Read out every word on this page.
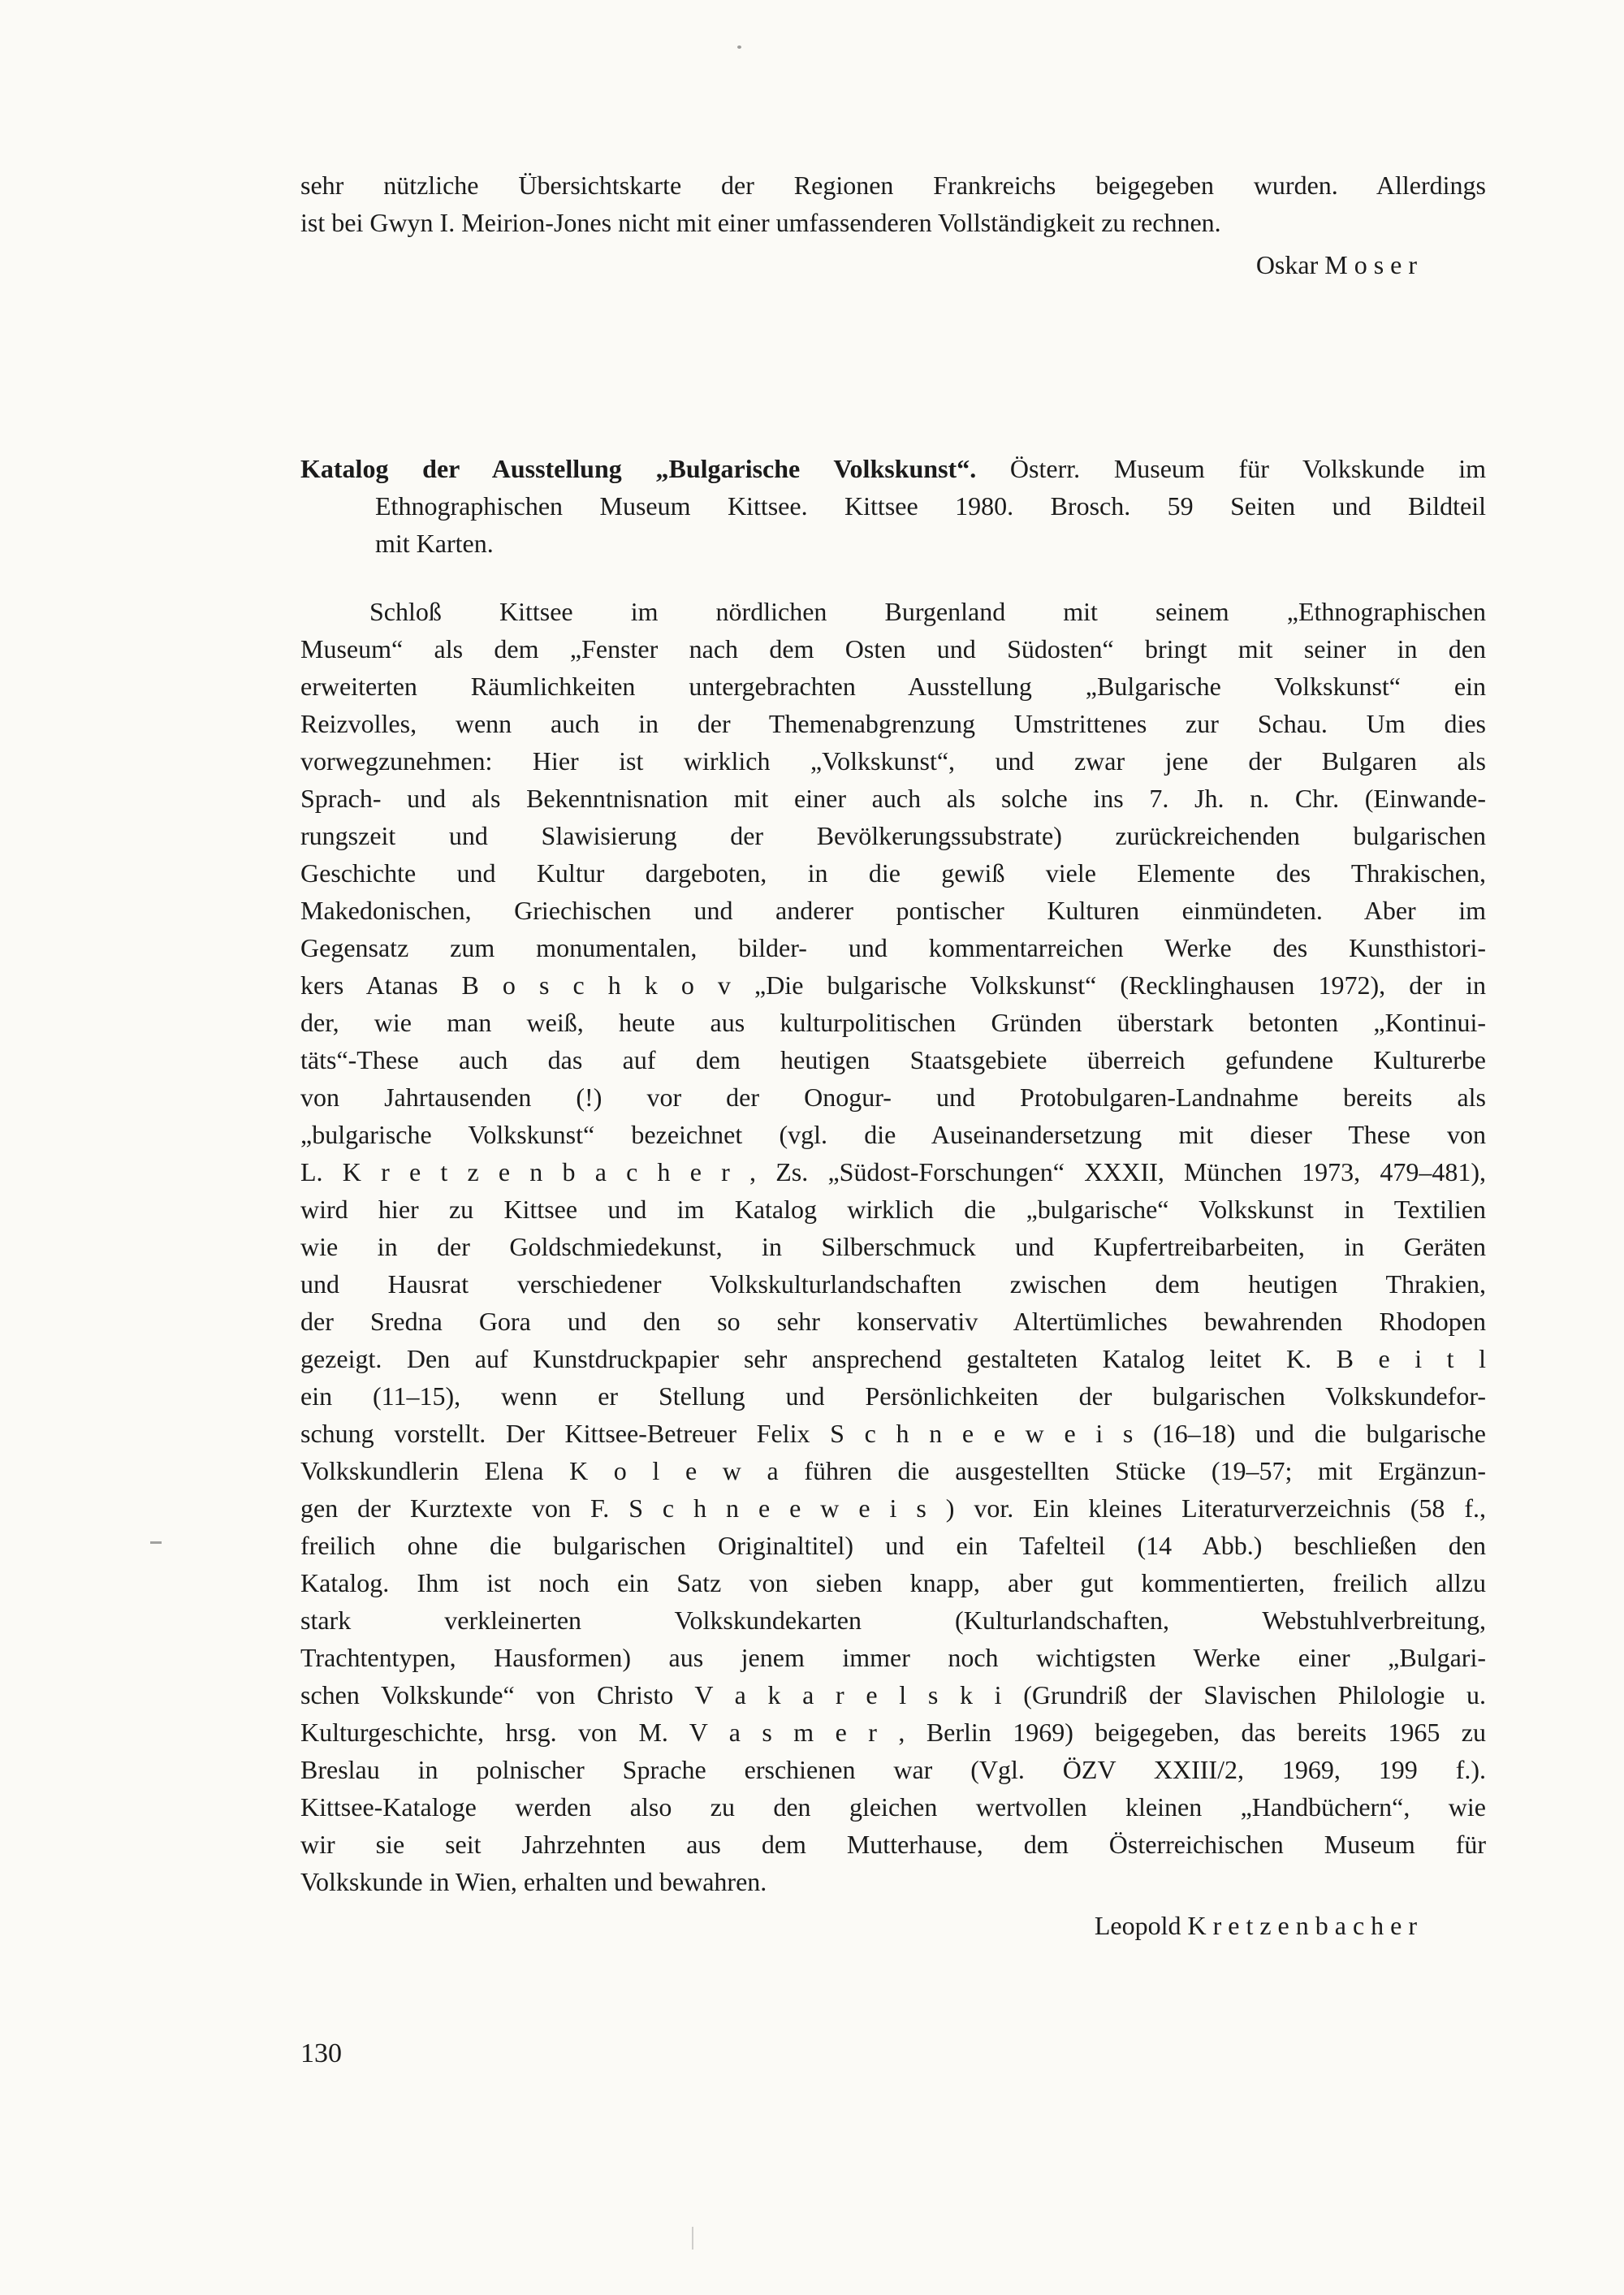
sehr nützliche Übersichtskarte der Regionen Frankreichs beigegeben wurden. Allerdings
ist bei Gwyn I. Meirion-Jones nicht mit einer umfassenderen Vollständigkeit zu rechnen.
Oskar M o s e r
Katalog der Ausstellung „Bulgarische Volkskunst“. Österr. Museum für Volkskunde im
Ethnographischen Museum Kittsee. Kittsee 1980. Brosch. 59 Seiten und Bildteil
mit Karten.
Schloß Kittsee im nördlichen Burgenland mit seinem „Ethnographischen
Museum“ als dem „Fenster nach dem Osten und Südosten“ bringt mit seiner in den
erweiterten Räumlichkeiten untergebrachten Ausstellung „Bulgarische Volkskunst“ ein
Reizvolles, wenn auch in der Themenabgrenzung Umstrittenes zur Schau. Um dies
vorwegzunehmen: Hier ist wirklich „Volkskunst“, und zwar jene der Bulgaren als
Sprach- und als Bekenntnisnation mit einer auch als solche ins 7. Jh. n. Chr. (Einwande-
rungszeit und Slawisierung der Bevölkerungssubstrate) zurückreichenden bulgarischen
Geschichte und Kultur dargeboten, in die gewiß viele Elemente des Thrakischen,
Makedonischen, Griechischen und anderer pontischer Kulturen einmündeten. Aber im
Gegensatz zum monumentalen, bilder- und kommentarreichen Werke des Kunsthistori-
kers Atanas B o s c h k o v „Die bulgarische Volkskunst“ (Recklinghausen 1972), der in
der, wie man weiß, heute aus kulturpolitischen Gründen überstark betonten „Kontinui-
täts“-These auch das auf dem heutigen Staatsgebiete überreich gefundene Kulturerbe
von Jahrtausenden (!) vor der Onogur- und Protobulgaren-Landnahme bereits als
„bulgarische Volkskunst“ bezeichnet (vgl. die Auseinandersetzung mit dieser These von
L. K r e t z e n b a c h e r , Zs. „Südost-Forschungen“ XXXII, München 1973, 479–481),
wird hier zu Kittsee und im Katalog wirklich die „bulgarische“ Volkskunst in Textilien
wie in der Goldschmiedekunst, in Silberschmuck und Kupfertreibarbeiten, in Geräten
und Hausrat verschiedener Volkskulturlandschaften zwischen dem heutigen Thrakien,
der Sredna Gora und den so sehr konservativ Altertümliches bewahrenden Rhodopen
gezeigt. Den auf Kunstdruckpapier sehr ansprechend gestalteten Katalog leitet K. B e i t l
ein (11–15), wenn er Stellung und Persönlichkeiten der bulgarischen Volkskundefor-
schung vorstellt. Der Kittsee-Betreuer Felix S c h n e e w e i s (16–18) und die bulgarische
Volkskundlerin Elena K o l e w a führen die ausgestellten Stücke (19–57; mit Ergänzun-
gen der Kurztexte von F. S c h n e e w e i s ) vor. Ein kleines Literaturverzeichnis (58 f.,
freilich ohne die bulgarischen Originaltitel) und ein Tafelteil (14 Abb.) beschließen den
Katalog. Ihm ist noch ein Satz von sieben knapp, aber gut kommentierten, freilich allzu
stark verkleinerten Volkskundekarten (Kulturlandschaften, Webstuhlverbreitung,
Trachtentypen, Hausformen) aus jenem immer noch wichtigsten Werke einer „Bulgari-
schen Volkskunde“ von Christo V a k a r e l s k i (Grundriß der Slavischen Philologie u.
Kulturgeschichte, hrsg. von M. V a s m e r , Berlin 1969) beigegeben, das bereits 1965 zu
Breslau in polnischer Sprache erschienen war (Vgl. ÖZV XXIII/2, 1969, 199 f.).
Kittsee-Kataloge werden also zu den gleichen wertvollen kleinen „Handbüchern“, wie
wir sie seit Jahrzehnten aus dem Mutterhause, dem Österreichischen Museum für
Volkskunde in Wien, erhalten und bewahren.
Leopold K r e t z e n b a c h e r
130
